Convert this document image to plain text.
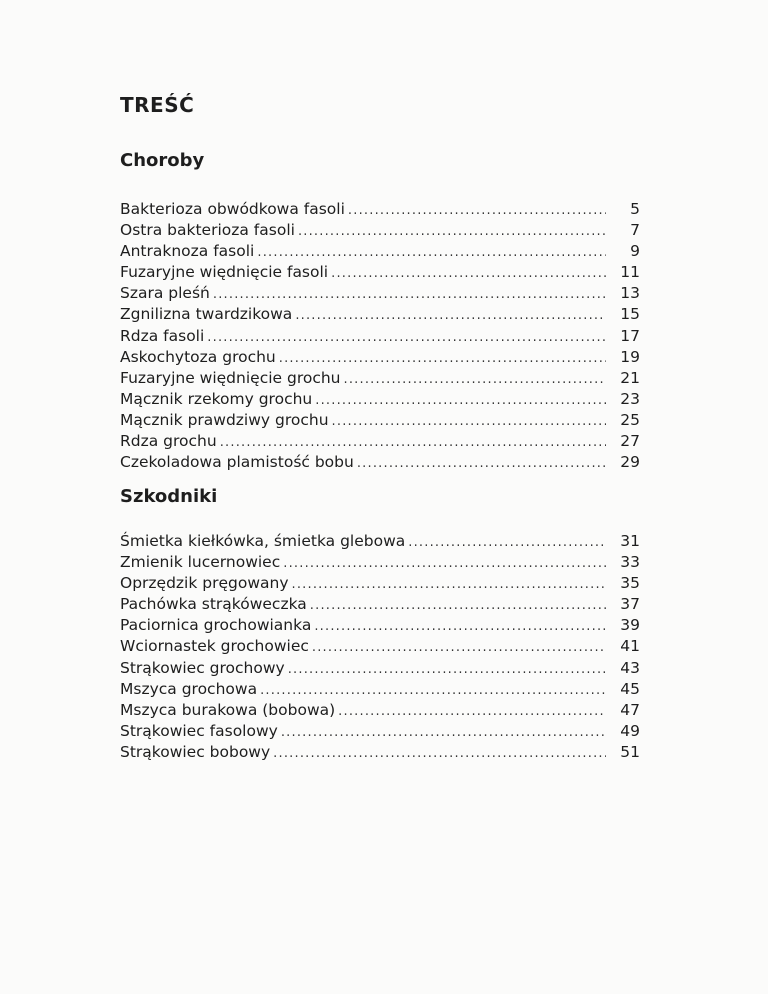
TREŚĆ
Choroby
Bakterioza obwódkowa fasoli .....	5
Ostra bakterioza fasoli .....	7
Antraknoza fasoli .....	9
Fuzaryjne więdnięcie fasoli .....	11
Szara pleśń .....	13
Zgnilizna twardzikowa .....	15
Rdza fasoli .....	17
Askochytoza grochu .....	19
Fuzaryjne więdnięcie grochu .....	21
Mącznik rzekomy grochu .....	23
Mącznik prawdziwy grochu .....	25
Rdza grochu .....	27
Czekoladowa plamistość bobu .....	29
Szkodniki
Śmietka kiełkówka, śmietka glebowa .....	31
Zmienik lucernowiec .....	33
Oprzędzik pręgowany .....	35
Pachówka strąkóweczka .....	37
Paciornica grochowianka .....	39
Wciornastek grochowiec .....	41
Strąkowiec grochowy .....	43
Mszyca grochowa .....	45
Mszyca burakowa (bobowa) .....	47
Strąkowiec fasolowy .....	49
Strąkowiec bobowy .....	51
